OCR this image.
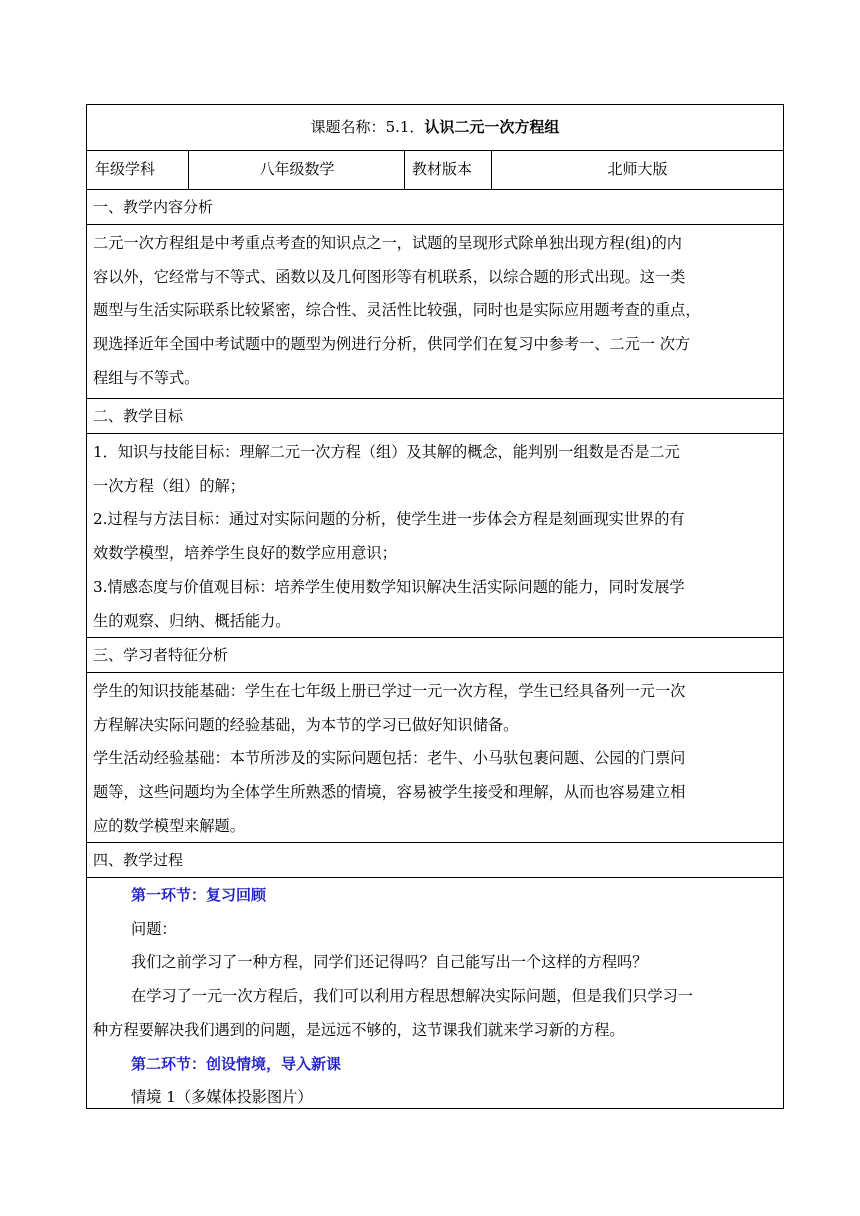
课题名称：5.1．认识二元一次方程组
年级学科	八年级数学	教材版本	北师大版
一、教学内容分析
二元一次方程组是中考重点考查的知识点之一，试题的呈现形式除单独出现方程(组)的内
容以外，它经常与不等式、函数以及几何图形等有机联系，以综合题的形式出现。这一类
题型与生活实际联系比较紧密，综合性、灵活性比较强，同时也是实际应用题考查的重点，
现选择近年全国中考试题中的题型为例进行分析，供同学们在复习中参考一、二元一 次方
程组与不等式。
二、教学目标
1．知识与技能目标：理解二元一次方程（组）及其解的概念，能判别一组数是否是二元
一次方程（组）的解；
2.过程与方法目标：通过对实际问题的分析，使学生进一步体会方程是刻画现实世界的有
效数学模型，培养学生良好的数学应用意识；
3.情感态度与价值观目标：培养学生使用数学知识解决生活实际问题的能力，同时发展学
生的观察、归纳、概括能力。
三、学习者特征分析
学生的知识技能基础：学生在七年级上册已学过一元一次方程，学生已经具备列一元一次
方程解决实际问题的经验基础，为本节的学习已做好知识储备。
学生活动经验基础：本节所涉及的实际问题包括：老牛、小马驮包裹问题、公园的门票问
题等，这些问题均为全体学生所熟悉的情境，容易被学生接受和理解，从而也容易建立相
应的数学模型来解题。
四、教学过程
第一环节：复习回顾
问题：
我们之前学习了一种方程，同学们还记得吗？自己能写出一个这样的方程吗？
在学习了一元一次方程后，我们可以利用方程思想解决实际问题，但是我们只学习一
种方程要解决我们遇到的问题，是远远不够的，这节课我们就来学习新的方程。
第二环节：创设情境，导入新课
情境 1（多媒体投影图片）
